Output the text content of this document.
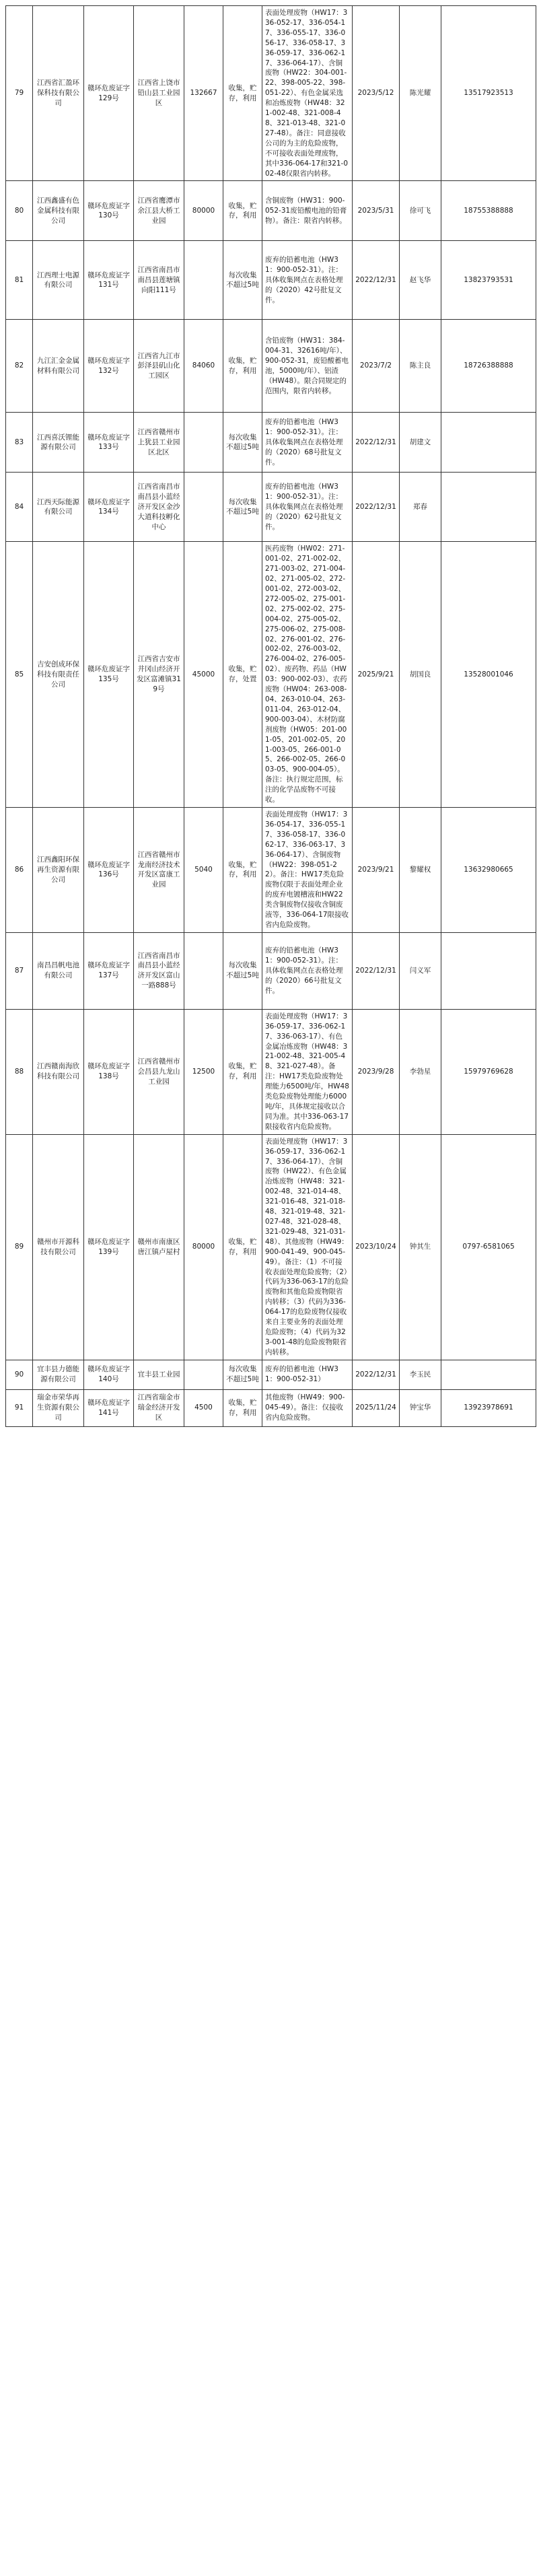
79	江西省汇盈环保科技有限公司	赣环危废证字129号	江西省上饶市铅山县工业园区	132667	收集，贮存，利用	表面处理废物（HW17：336-052-17、336-054-17、336-055-17、336-056-17、336-058-17、336-059-17、336-062-17、336-064-17）、含铜废物（HW22：304-001-22、398-005-22、398-051-22）、有色金属采选和冶炼废物（HW48：321-002-48、321-008-48、321-013-48、321-027-48）。备注：同意接收公司的为主的危险废物，不可接收表面处理废物，其中336-064-17和321-002-48仅限省内转移。	2023/5/12	陈光耀	13517923513
80	江西鑫盛有色金属科技有限公司	赣环危废证字130号	江西省鹰潭市余江县大桥工业园	80000	收集，贮存，利用	含铜废物（HW31：900-052-31废铅酸电池的铅膏物）。备注：限省内转移。	2023/5/31	徐可飞	18755388888
81	江西理士电源有限公司	赣环危废证字131号	江西省南昌市南昌县莲塘镇向阳111号		每次收集不超过5吨	废弃的铅蓄电池（HW31：900-052-31）。注：具体收集网点在表格处理的（2020）42号批复文件。	2022/12/31	赵飞华	13823793531
82	九江汇金金属材料有限公司	赣环危废证字132号	江西省九江市彭泽县矶山化工园区	84060	收集，贮存，利用	含铅废物（HW31：384-004-31、32616吨/年）、900-052-31，废铅酸蓄电池，5000吨/年）、铝渣（HW48）。限合同规定的范围内，限省内转移。	2023/7/2	陈主良	18726388888
83	江西喜沃锂能源有限公司	赣环危废证字133号	江西省赣州市上犹县工业园区北区		每次收集不超过5吨	废弃的铅蓄电池（HW31：900-052-31）。注：具体收集网点在表格处理的（2020）68号批复文件。	2022/12/31	胡建文	
84	江西天际能源有限公司	赣环危废证字134号	江西省南昌市南昌县小蓝经济开发区金沙大道科技孵化中心		每次收集不超过5吨	废弃的铅蓄电池（HW31：900-052-31）。注：具体收集网点在表格处理的（2020）62号批复文件。	2022/12/31	郑春	
85	吉安创成环保科技有限责任公司	赣环危废证字135号	江西省吉安市井冈山经济开发区富滩镇319号	45000	收集，贮存，处置	医药废物（HW02：271-001-02、271-002-02、271-003-02、271-004-02、271-005-02、272-001-02、272-003-02、272-005-02、275-001-02、275-002-02、275-004-02、275-005-02、275-006-02、275-008-02、276-001-02、276-002-02、276-003-02、276-004-02、276-005-02）、废药物、药品（HW03：900-002-03）、农药废物（HW04：263-008-04、263-010-04、263-011-04、263-012-04、900-003-04）、木材防腐剂废物（HW05：201-001-05、201-002-05、201-003-05、266-001-05、266-002-05、266-003-05、900-004-05）。备注：执行规定范围，标注的化学品废物不可接收。	2025/9/21	胡国良	13528001046
86	江西鑫阳环保再生资源有限公司	赣环危废证字136号	江西省赣州市龙南经济技术开发区富康工业园	5040	收集，贮存，利用	表面处理废物（HW17：336-054-17、336-055-17、336-058-17、336-062-17、336-063-17、336-064-17）、含铜废物（HW22：398-051-22）。备注：HW17类危险废物仅限于表面处理企业的废弃电镀槽液和HW22类含铜废物仅接收含铜废液等，336-064-17限接收省内危险废物。	2023/9/21	黎耀权	13632980665
87	南昌昌帆电池有限公司	赣环危废证字137号	江西省南昌市南昌县小蓝经济开发区富山一路888号		每次收集不超过5吨	废弃的铅蓄电池（HW31：900-052-31）。注：具体收集网点在表格处理的（2020）66号批复文件。	2022/12/31	闫义军	
88	江西赣南海欣科技有限公司	赣环危废证字138号	江西省赣州市会昌县九龙山工业园	12500	收集，贮存，利用	表面处理废物（HW17：336-059-17、336-062-17、336-063-17）、有色金属冶炼废物（HW48：321-002-48、321-005-48、321-027-48）。备注：HW17类危险废物处理能力6500吨/年，HW48类危险废物处理能力6000吨/年，具体规定接收以合同为准。其中336-063-17限接收省内危险废物。	2023/9/28	李勃星	15979769628
89	赣州市开源科技有限公司	赣环危废证字139号	赣州市南康区唐江镇卢屋村	80000	收集，贮存，利用	表面处理废物（HW17：336-059-17、336-062-17、336-064-17）、含铜废物（HW22）、有色金属冶炼废物（HW48：321-002-48、321-014-48、321-016-48、321-018-48、321-019-48、321-027-48、321-028-48、321-029-48、321-031-48）、其他废物（HW49：900-041-49、900-045-49）。备注：（1）不可接收表面处理危险废物；（2）代码为336-063-17的危险废物和其他危险废物限省内转移；（3）代码为336-064-17的危险废物仅接收来自主要业务的表面处理危险废物；（4）代码为323-001-48的危险废物限省内转移。	2023/10/24	钟其生	0797-6581065
90	宜丰县力德能源有限公司	赣环危废证字140号	宜丰县工业园		每次收集不超过5吨	废弃的铅蓄电池（HW31：900-052-31）	2022/12/31	李玉民	
91	瑞金市荣华再生资源有限公司	赣环危废证字141号	江西省瑞金市瑞金经济开发区	4500	收集，贮存，利用	其他废物（HW49：900-045-49）。备注：仅接收省内危险废物。	2025/11/24	钟宝华	13923978691
